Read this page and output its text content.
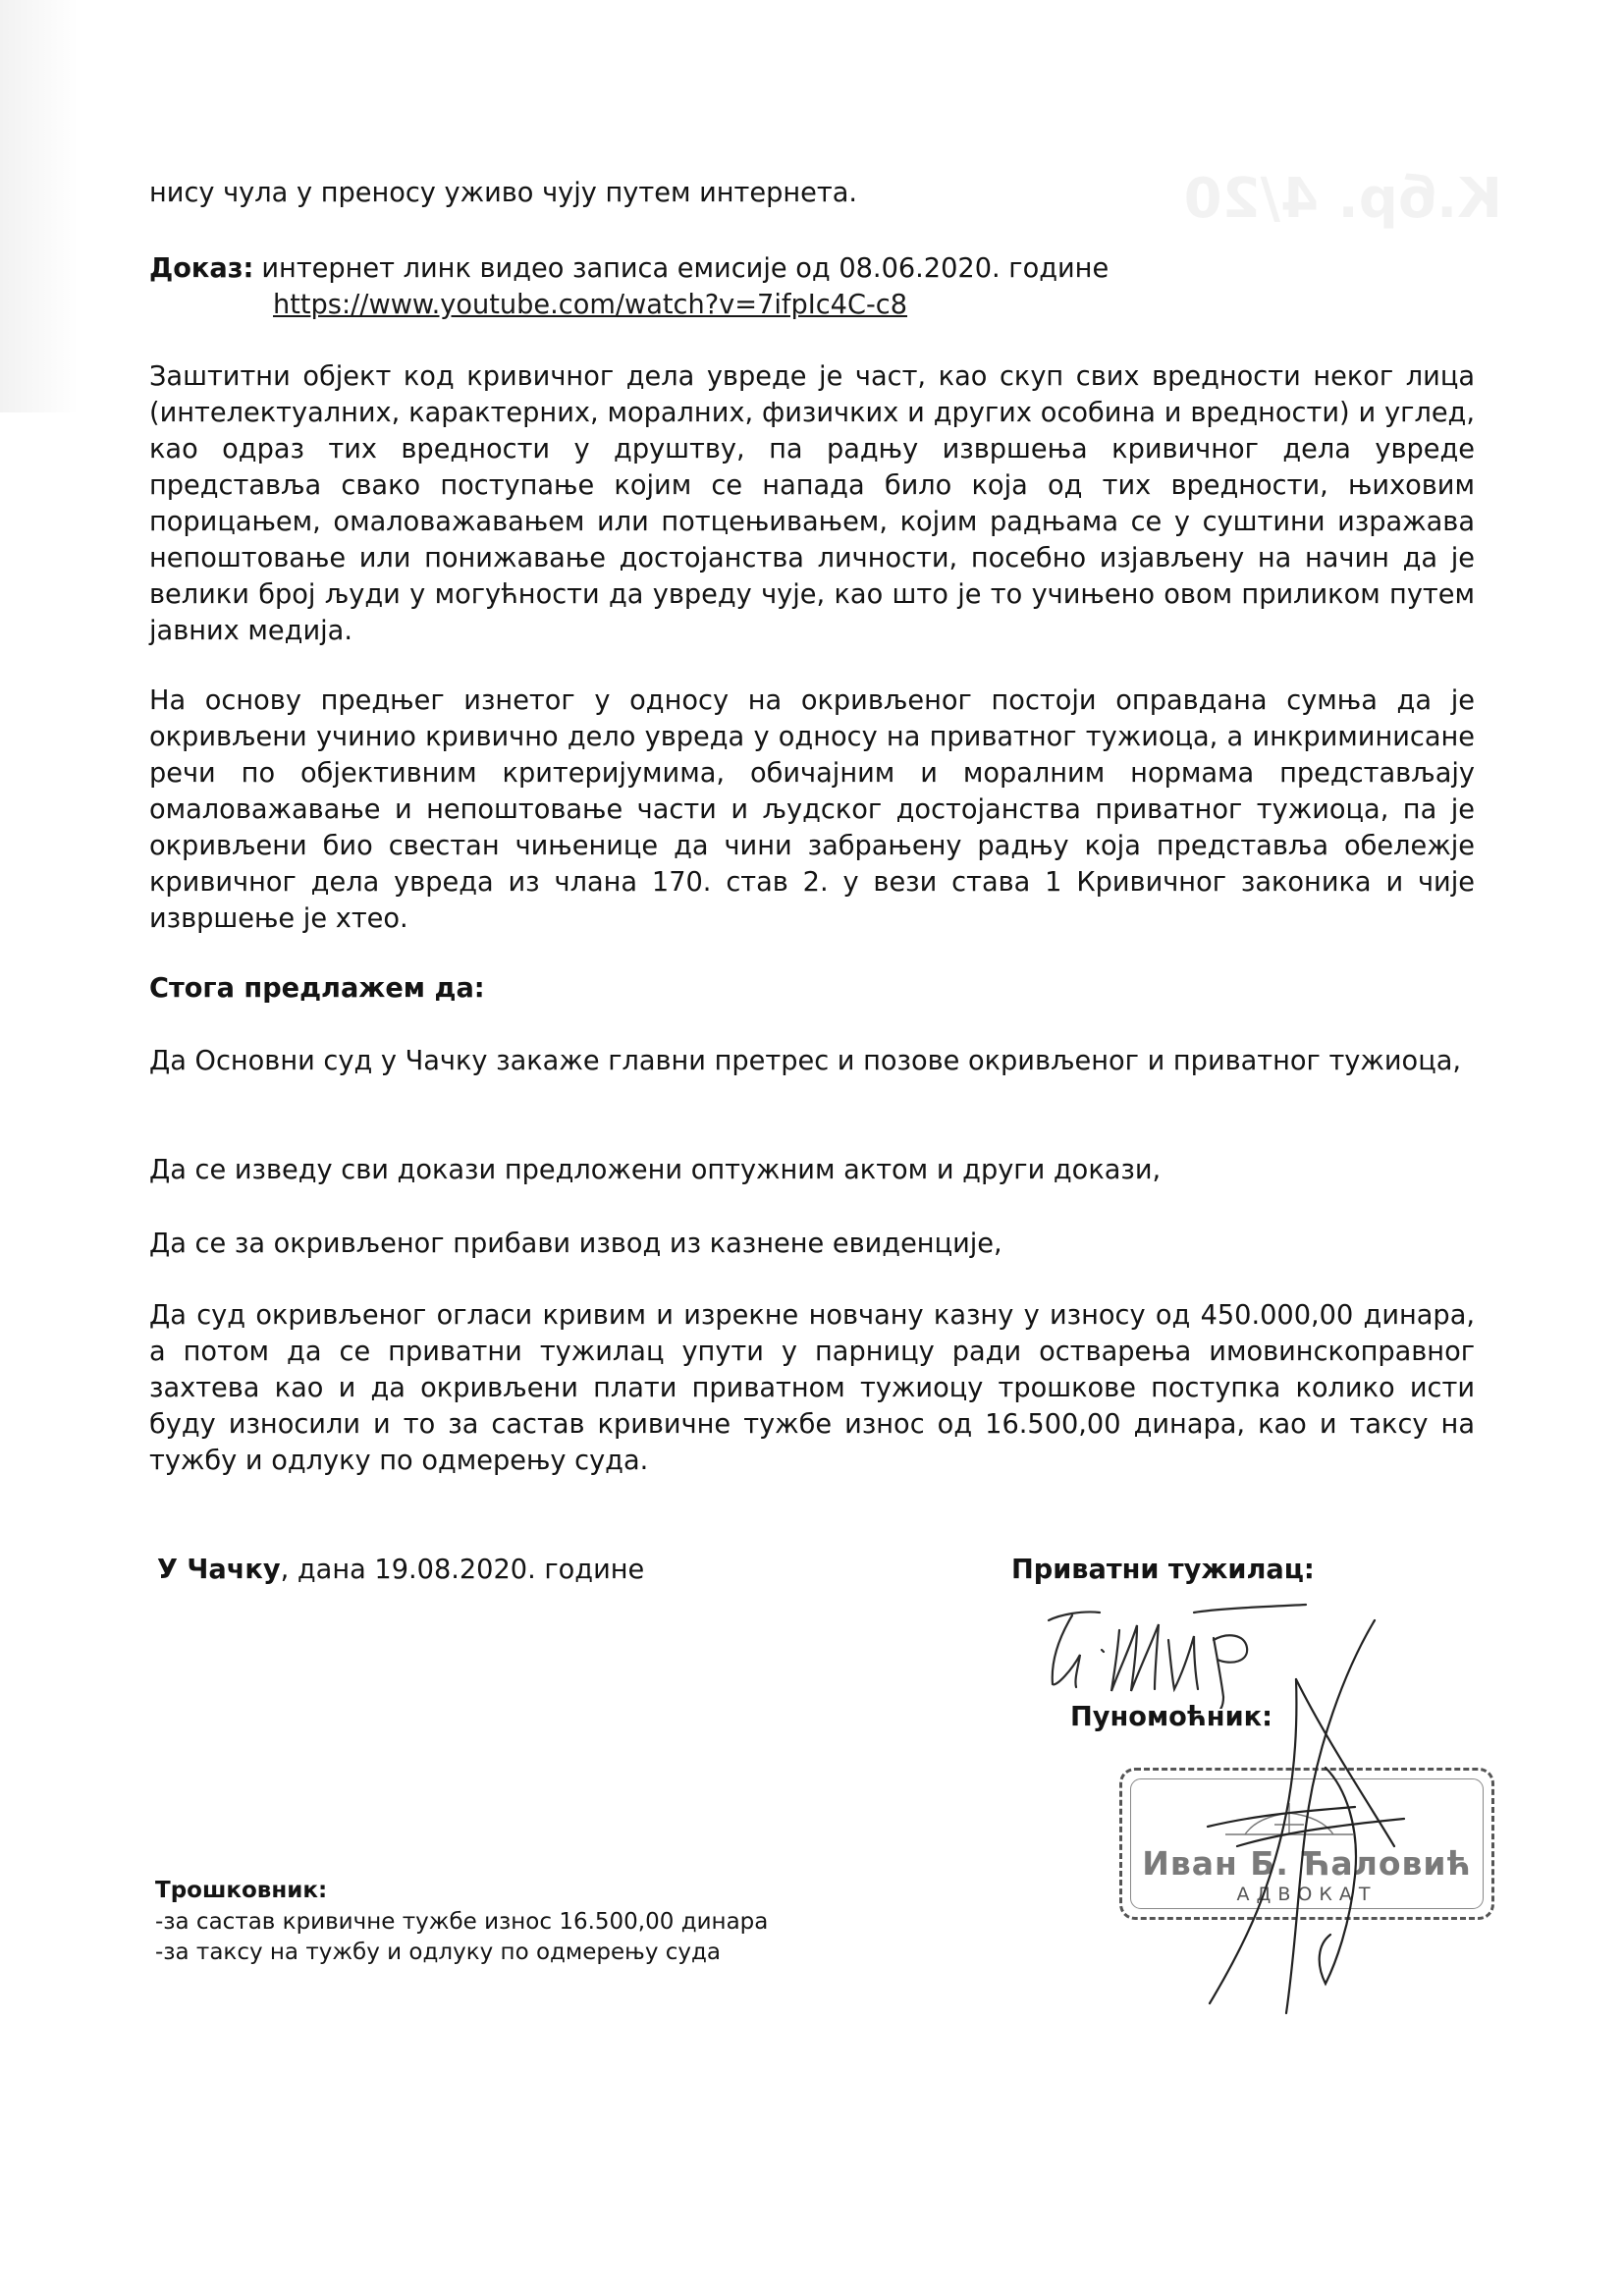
К.бр. 4/20
нису чула у преносу уживо чују путем интернета.
Доказ: интернет линк видео записа емисије од 08.06.2020. године
https://www.youtube.com/watch?v=7ifpIc4C-c8
Заштитни објект код кривичног дела увреде је част, као скуп свих вредности неког лица (интелектуалних, карактерних, моралних, физичких и других особина и вредности) и углед, као одраз тих вредности у друштву, па радњу извршења кривичног дела увреде представља свако поступање којим се напада било која од тих вредности, њиховим порицањем, омаловажавањем или потцењивањем, којим радњама се у суштини изражава непоштовање или понижавање достојанства личности, посебно изјављену на начин да је велики број људи у могућности да увреду чује, као што је то учињено овом приликом путем јавних медија.
На основу предњег изнетог у односу на окривљеног постоји оправдана сумња да је окривљени учинио кривично дело увреда у односу на приватног тужиоца, а инкриминисане речи по објективним критеријумима, обичајним и моралним нормама представљају омаловажавање и непоштовање части и људског достојанства приватног тужиоца, па је окривљени био свестан чињенице да чини забрањену радњу која представља обележје кривичног дела увреда из члана 170. став 2. у вези става 1 Кривичног законика и чије извршење је хтео.
Стога предлажем да:
Да Основни суд у Чачку закаже главни претрес и позове окривљеног и приватног тужиоца,
Да се изведу сви докази предложени оптужним актом и други докази,
Да се за окривљеног прибави извод из казнене евиденције,
Да суд окривљеног огласи кривим и изрекне новчану казну у износу од 450.000,00 динара, а потом да се приватни тужилац упути у парницу ради остварења имовинскоправног захтева као и да окривљени плати приватном тужиоцу трошкове поступка колико исти буду износили и то за састав кривичне тужбе износ од 16.500,00 динара, као и таксу на тужбу и одлуку по одмерењу суда.
У Чачку, дана 19.08.2020. године	Приватни тужилац:
Пуномоћник:
Иван Б. Ћаловић
АДВОКАТ
Трошковник:
-за састав кривичне тужбе износ 16.500,00 динара
-за таксу на тужбу и одлуку по одмерењу суда
